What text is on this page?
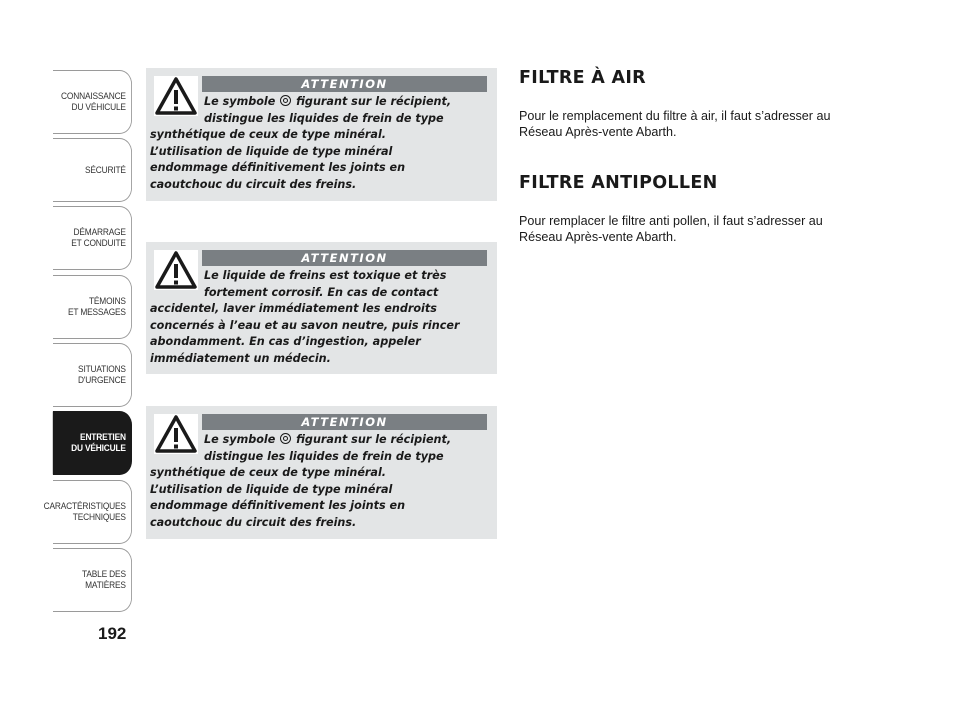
CONNAISSANCE
DU VÉHICULE
SÉCURITÉ
DÉMARRAGE
ET CONDUITE
TÉMOINS
ET MESSAGES
SITUATIONS
D'URGENCE
ENTRETIEN
DU VÉHICULE
CARACTÉRISTIQUES
TECHNIQUES
TABLE DES
MATIÈRES
192
ATTENTION
Le symbole  figurant sur le récipient,
distingue les liquides de frein de type
synthétique de ceux de type minéral.
L’utilisation de liquide de type minéral
endommage définitivement les joints en
caoutchouc du circuit des freins.
ATTENTION
Le liquide de freins est toxique et très
fortement corrosif. En cas de contact
accidentel, laver immédiatement les endroits
concernés à l’eau et au savon neutre, puis rincer
abondamment. En cas d’ingestion, appeler
immédiatement un médecin.
ATTENTION
Le symbole  figurant sur le récipient,
distingue les liquides de frein de type
synthétique de ceux de type minéral.
L’utilisation de liquide de type minéral
endommage définitivement les joints en
caoutchouc du circuit des freins.
FILTRE À AIR
Pour le remplacement du filtre à air, il faut s’adresser au
Réseau Après-vente Abarth.
FILTRE ANTIPOLLEN
Pour remplacer le filtre anti pollen, il faut s’adresser au
Réseau Après-vente Abarth.
